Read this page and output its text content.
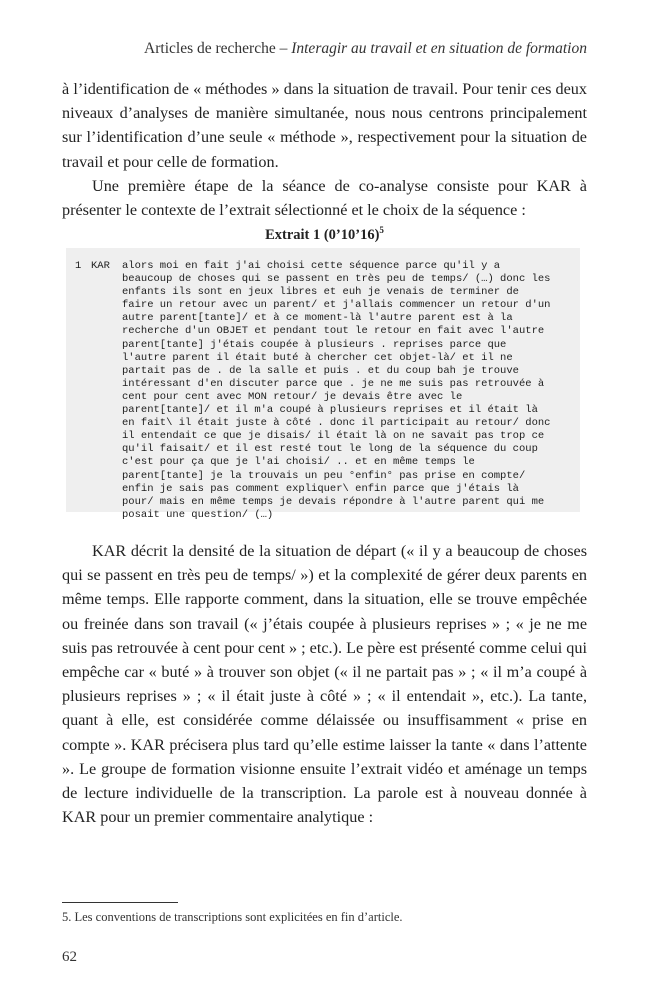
Articles de recherche – Interagir au travail et en situation de formation

à l’identification de « méthodes » dans la situation de travail. Pour tenir ces deux niveaux d’analyses de manière simultanée, nous nous centrons principalement sur l’identification d’une seule « méthode », respectivement pour la situation de travail et pour celle de formation.

Une première étape de la séance de co-analyse consiste pour KAR à présenter le contexte de l’extrait sélectionné et le choix de la séquence :

Extrait 1 (0’10’16)$^5$
1 KAR alors moi en fait j'ai choisi cette séquence parce qu'il y a
beaucoup de choses qui se passent en très peu de temps/ (…) donc les
enfants ils sont en jeux libres et euh je venais de terminer de
faire un retour avec un parent/ et j'allais commencer un retour d'un
autre parent[tante]/ et à ce moment-là l'autre parent est à la
recherche d'un OBJET et pendant tout le retour en fait avec l'autre
parent[tante] j'étais coupée à plusieurs . reprises parce que
l'autre parent il était buté à chercher cet objet-là/ et il ne
partait pas de . de la salle et puis . et du coup bah je trouve
intéressant d'en discuter parce que . je ne me suis pas retrouvée à
cent pour cent avec MON retour/ je devais être avec le
parent[tante]/ et il m'a coupé à plusieurs reprises et il était là
en fait\ il était juste à côté . donc il participait au retour/ donc
il entendait ce que je disais/ il était là on ne savait pas trop ce
qu'il faisait/ et il est resté tout le long de la séquence du coup
c'est pour ça que je l'ai choisi/ .. et en même temps le
parent[tante] je la trouvais un peu °enfin° pas prise en compte/
enfin je sais pas comment expliquer\ enfin parce que j'étais là
pour/ mais en même temps je devais répondre à l'autre parent qui me
posait une question/ (…)

KAR décrit la densité de la situation de départ (« il y a beaucoup de choses qui se passent en très peu de temps/ ») et la complexité de gérer deux parents en même temps. Elle rapporte comment, dans la situation, elle se trouve empêchée ou freinée dans son travail (« j’étais coupée à plusieurs reprises » ; « je ne me suis pas retrouvée à cent pour cent » ; etc.). Le père est présenté comme celui qui empêche car « buté » à trouver son objet (« il ne partait pas » ; « il m’a coupé à plusieurs reprises » ; « il était juste à côté » ; « il entendait », etc.). La tante, quant à elle, est considérée comme délaissée ou insuffisamment « prise en compte ». KAR précisera plus tard qu’elle estime laisser la tante « dans l’attente ». Le groupe de formation visionne ensuite l’extrait vidéo et aménage un temps de lecture individuelle de la transcription. La parole est à nouveau donnée à KAR pour un premier commentaire analytique :

5. Les conventions de transcriptions sont explicitées en fin d’article.
62
